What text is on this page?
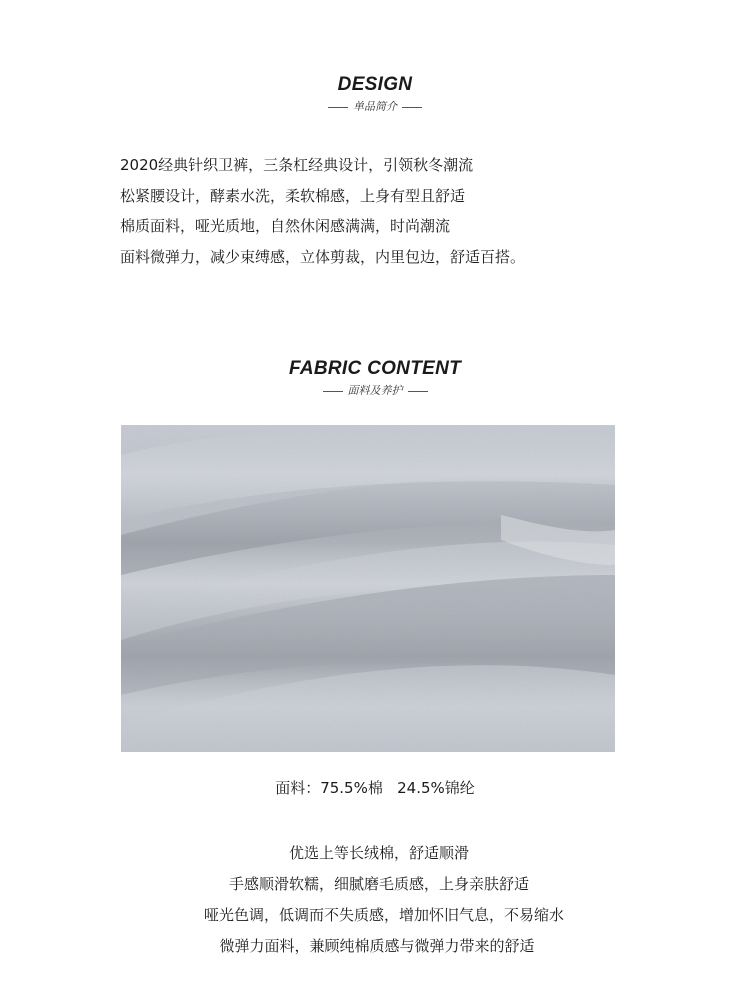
DESIGN
单品简介
2020经典针织卫裤，三条杠经典设计，引领秋冬潮流
松紧腰设计，酵素水洗，柔软棉感，上身有型且舒适
棉质面料，哑光质地，自然休闲感满满，时尚潮流
面料微弹力，减少束缚感，立体剪裁，内里包边，舒适百搭。
FABRIC CONTENT
面料及养护
面料：75.5%棉   24.5%锦纶
优选上等长绒棉，舒适顺滑
手感顺滑软糯，细腻磨毛质感，上身亲肤舒适
哑光色调，低调而不失质感，增加怀旧气息，不易缩水
微弹力面料，兼顾纯棉质感与微弹力带来的舒适
